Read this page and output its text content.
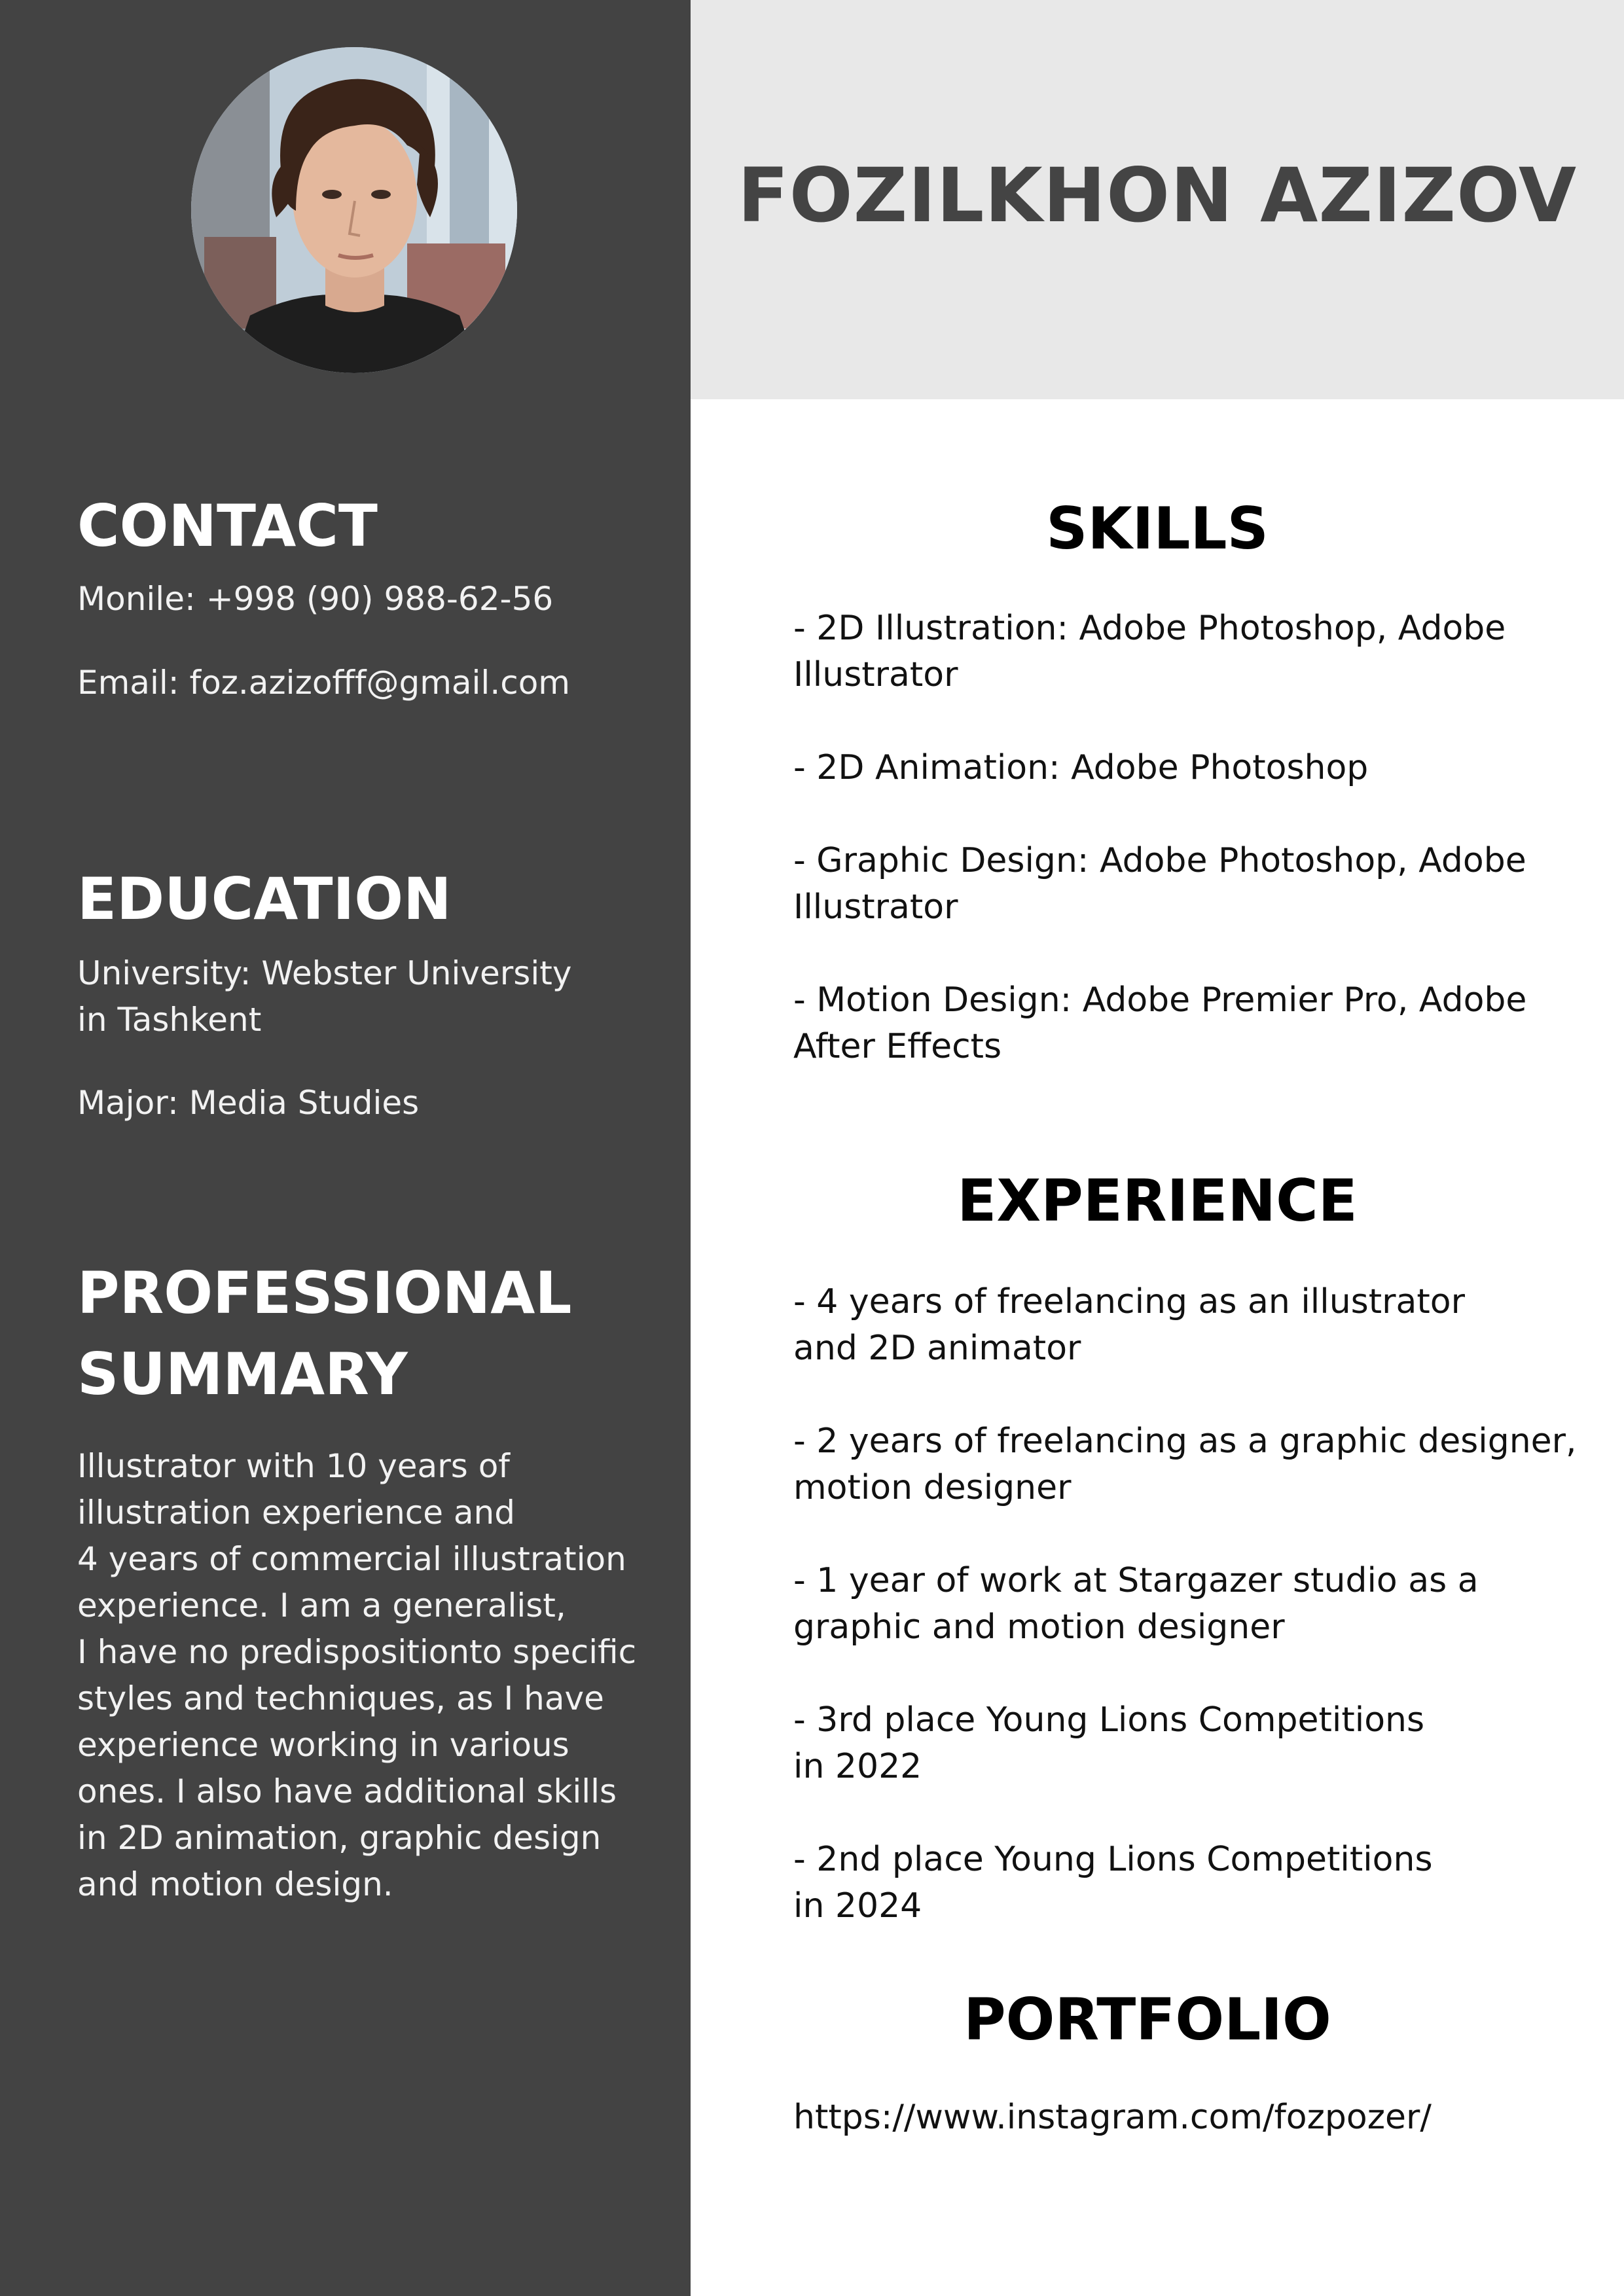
CONTACT

Monile: +998 (90) 988-62-56

Email: foz.azizofff@gmail.com

EDUCATION

University: Webster University
in Tashkent

Major: Media Studies

PROFESSIONAL
SUMMARY

Illustrator with 10 years of
illustration experience and
4 years of commercial illustration
experience. I am a generalist,
I have no predispositionto specific
styles and techniques, as I have
experience working in various
ones. I also have additional skills
in 2D animation, graphic design
and motion design.

FOZILKHON AZIZOV
SKILLS
- 2D Illustration: Adobe Photoshop, Adobe
Illustrator
- 2D Animation: Adobe Photoshop
- Graphic Design: Adobe Photoshop, Adobe
Illustrator
- Motion Design: Adobe Premier Pro, Adobe
After Effects
EXPERIENCE
- 4 years of freelancing as an illustrator
and 2D animator
- 2 years of freelancing as a graphic designer,
motion designer
- 1 year of work at Stargazer studio as a
graphic and motion designer
- 3rd place Young Lions Competitions
in 2022
- 2nd place Young Lions Competitions
in 2024
PORTFOLIO

https://www.instagram.com/fozpozer/
